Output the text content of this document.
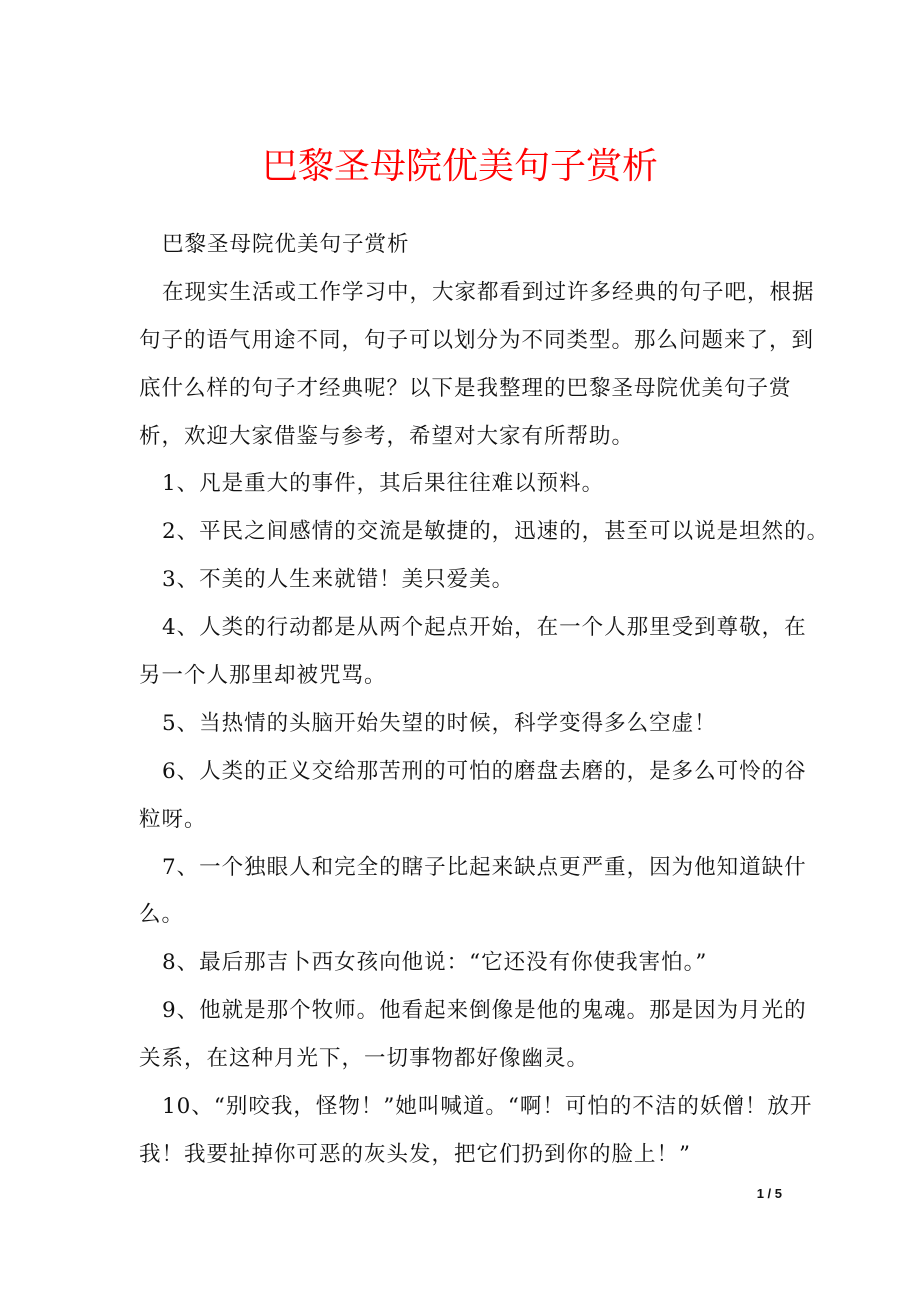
巴黎圣母院优美句子赏析
巴黎圣母院优美句子赏析
在现实生活或工作学习中，大家都看到过许多经典的句子吧，根据
句子的语气用途不同，句子可以划分为不同类型。那么问题来了，到
底什么样的句子才经典呢？以下是我整理的巴黎圣母院优美句子赏
析，欢迎大家借鉴与参考，希望对大家有所帮助。
1、凡是重大的事件，其后果往往难以预料。
2、平民之间感情的交流是敏捷的，迅速的，甚至可以说是坦然的。
3、不美的人生来就错！美只爱美。
4、人类的行动都是从两个起点开始，在一个人那里受到尊敬，在
另一个人那里却被咒骂。
5、当热情的头脑开始失望的时候，科学变得多么空虚！
6、人类的正义交给那苦刑的可怕的磨盘去磨的，是多么可怜的谷
粒呀。
7、一个独眼人和完全的瞎子比起来缺点更严重，因为他知道缺什
么。
8、最后那吉卜西女孩向他说：“它还没有你使我害怕。”
9、他就是那个牧师。他看起来倒像是他的鬼魂。那是因为月光的
关系，在这种月光下，一切事物都好像幽灵。
10、“别咬我，怪物！”她叫喊道。“啊！可怕的不洁的妖僧！放开
我！我要扯掉你可恶的灰头发，把它们扔到你的脸上！”
1 / 5
